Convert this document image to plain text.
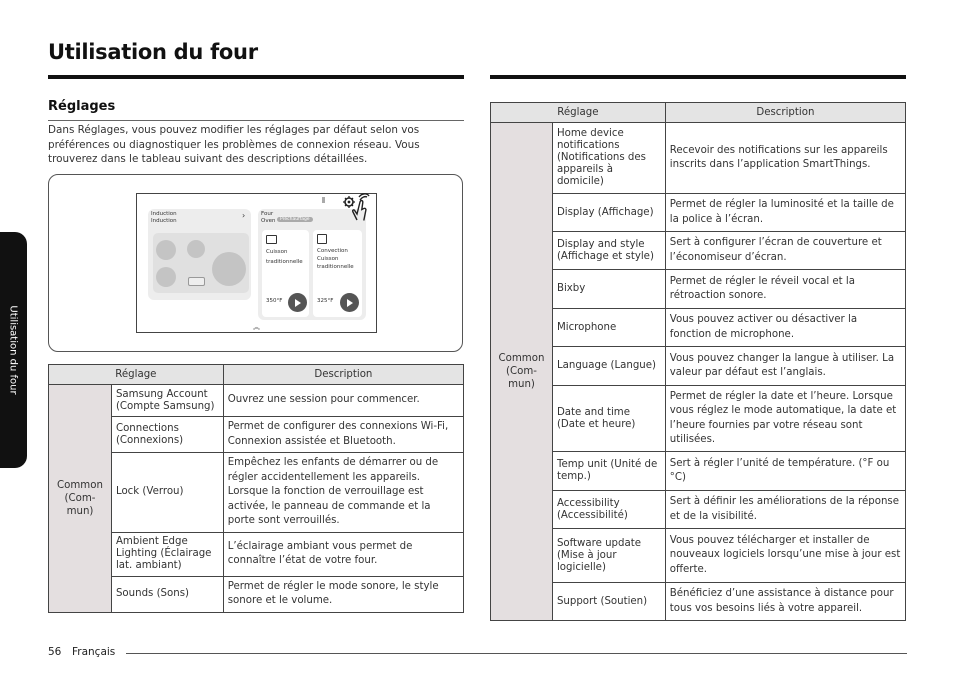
Utilisation du four
Utilisation du four
Réglages
Dans Réglages, vous pouvez modifier les réglages par défaut selon vos préférences ou diagnostiquer les problèmes de connexion réseau. Vous trouverez dans le tableau suivant des descriptions détaillées.
Induction
Induction
›	Four
Oven	Préchauffage
Cuisson
traditionnelle
350°F
Convection
Cuisson
traditionnelle
325°F
︽
Réglage		Description
Common (Com-mun)	Samsung Account (Compte Samsung)	Ouvrez une session pour commencer.
	Connections (Connexions)	Permet de configurer des connexions Wi-Fi, Connexion assistée et Bluetooth.
	Lock (Verrou)	Empêchez les enfants de démarrer ou de régler accidentellement les appareils. Lorsque la fonction de verrouillage est activée, le panneau de commande et la porte sont verrouillés.
	Ambient Edge Lighting (Éclairage lat. ambiant)	L’éclairage ambiant vous permet de connaître l’état de votre four.
	Sounds (Sons)	Permet de régler le mode sonore, le style sonore et le volume.
Réglage		Description
Common (Com-mun)	Home device notifications (Notifications des appareils à domicile)	Recevoir des notifications sur les appareils inscrits dans l’application SmartThings.
	Display (Affichage)	Permet de régler la luminosité et la taille de la police à l’écran.
	Display and style (Affichage et style)	Sert à configurer l’écran de couverture et l’économiseur d’écran.
	Bixby	Permet de régler le réveil vocal et la rétroaction sonore.
	Microphone	Vous pouvez activer ou désactiver la fonction de microphone.
	Language (Langue)	Vous pouvez changer la langue à utiliser. La valeur par défaut est l’anglais.
	Date and time (Date et heure)	Permet de régler la date et l’heure. Lorsque vous réglez le mode automatique, la date et l’heure fournies par votre réseau sont utilisées.
	Temp unit (Unité de temp.)	Sert à régler l’unité de température. (°F ou °C)
	Accessibility (Accessibilité)	Sert à définir les améliorations de la réponse et de la visibilité.
	Software update (Mise à jour logicielle)	Vous pouvez télécharger et installer de nouveaux logiciels lorsqu’une mise à jour est offerte.
	Support (Soutien)	Bénéficiez d’une assistance à distance pour tous vos besoins liés à votre appareil.
56 Français
